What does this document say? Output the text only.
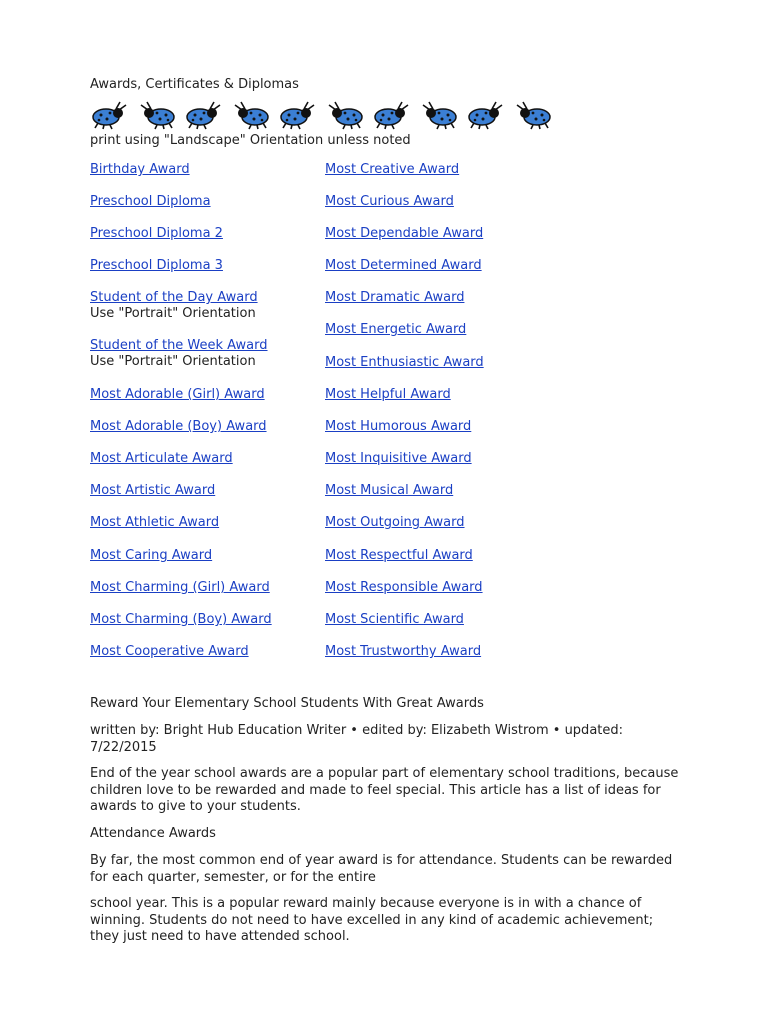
Awards, Certificates & Diplomas
print using "Landscape" Orientation unless noted
Birthday Award
Preschool Diploma
Preschool Diploma 2
Preschool Diploma 3
Student of the Day Award
Use "Portrait" Orientation
Student of the Week Award
Use "Portrait" Orientation
Most Adorable (Girl) Award
Most Adorable (Boy) Award
Most Articulate Award
Most Artistic Award
Most Athletic Award
Most Caring Award
Most Charming (Girl) Award
Most Charming (Boy) Award
Most Cooperative Award
Most Creative Award
Most Curious Award
Most Dependable Award
Most Determined Award
Most Dramatic Award
Most Energetic Award
Most Enthusiastic Award
Most Helpful Award
Most Humorous Award
Most Inquisitive Award
Most Musical Award
Most Outgoing Award
Most Respectful Award
Most Responsible Award
Most Scientific Award
Most Trustworthy Award

Reward Your Elementary School Students With Great Awards

written by: Bright Hub Education Writer • edited by: Elizabeth Wistrom • updated: 7/22/2015

End of the year school awards are a popular part of elementary school traditions, because children love to be rewarded and made to feel special. This article has a list of ideas for awards to give to your students.

Attendance Awards

By far, the most common end of year award is for attendance. Students can be rewarded for each quarter, semester, or for the entire

school year. This is a popular reward mainly because everyone is in with a chance of winning. Students do not need to have excelled in any kind of academic achievement; they just need to have attended school.
